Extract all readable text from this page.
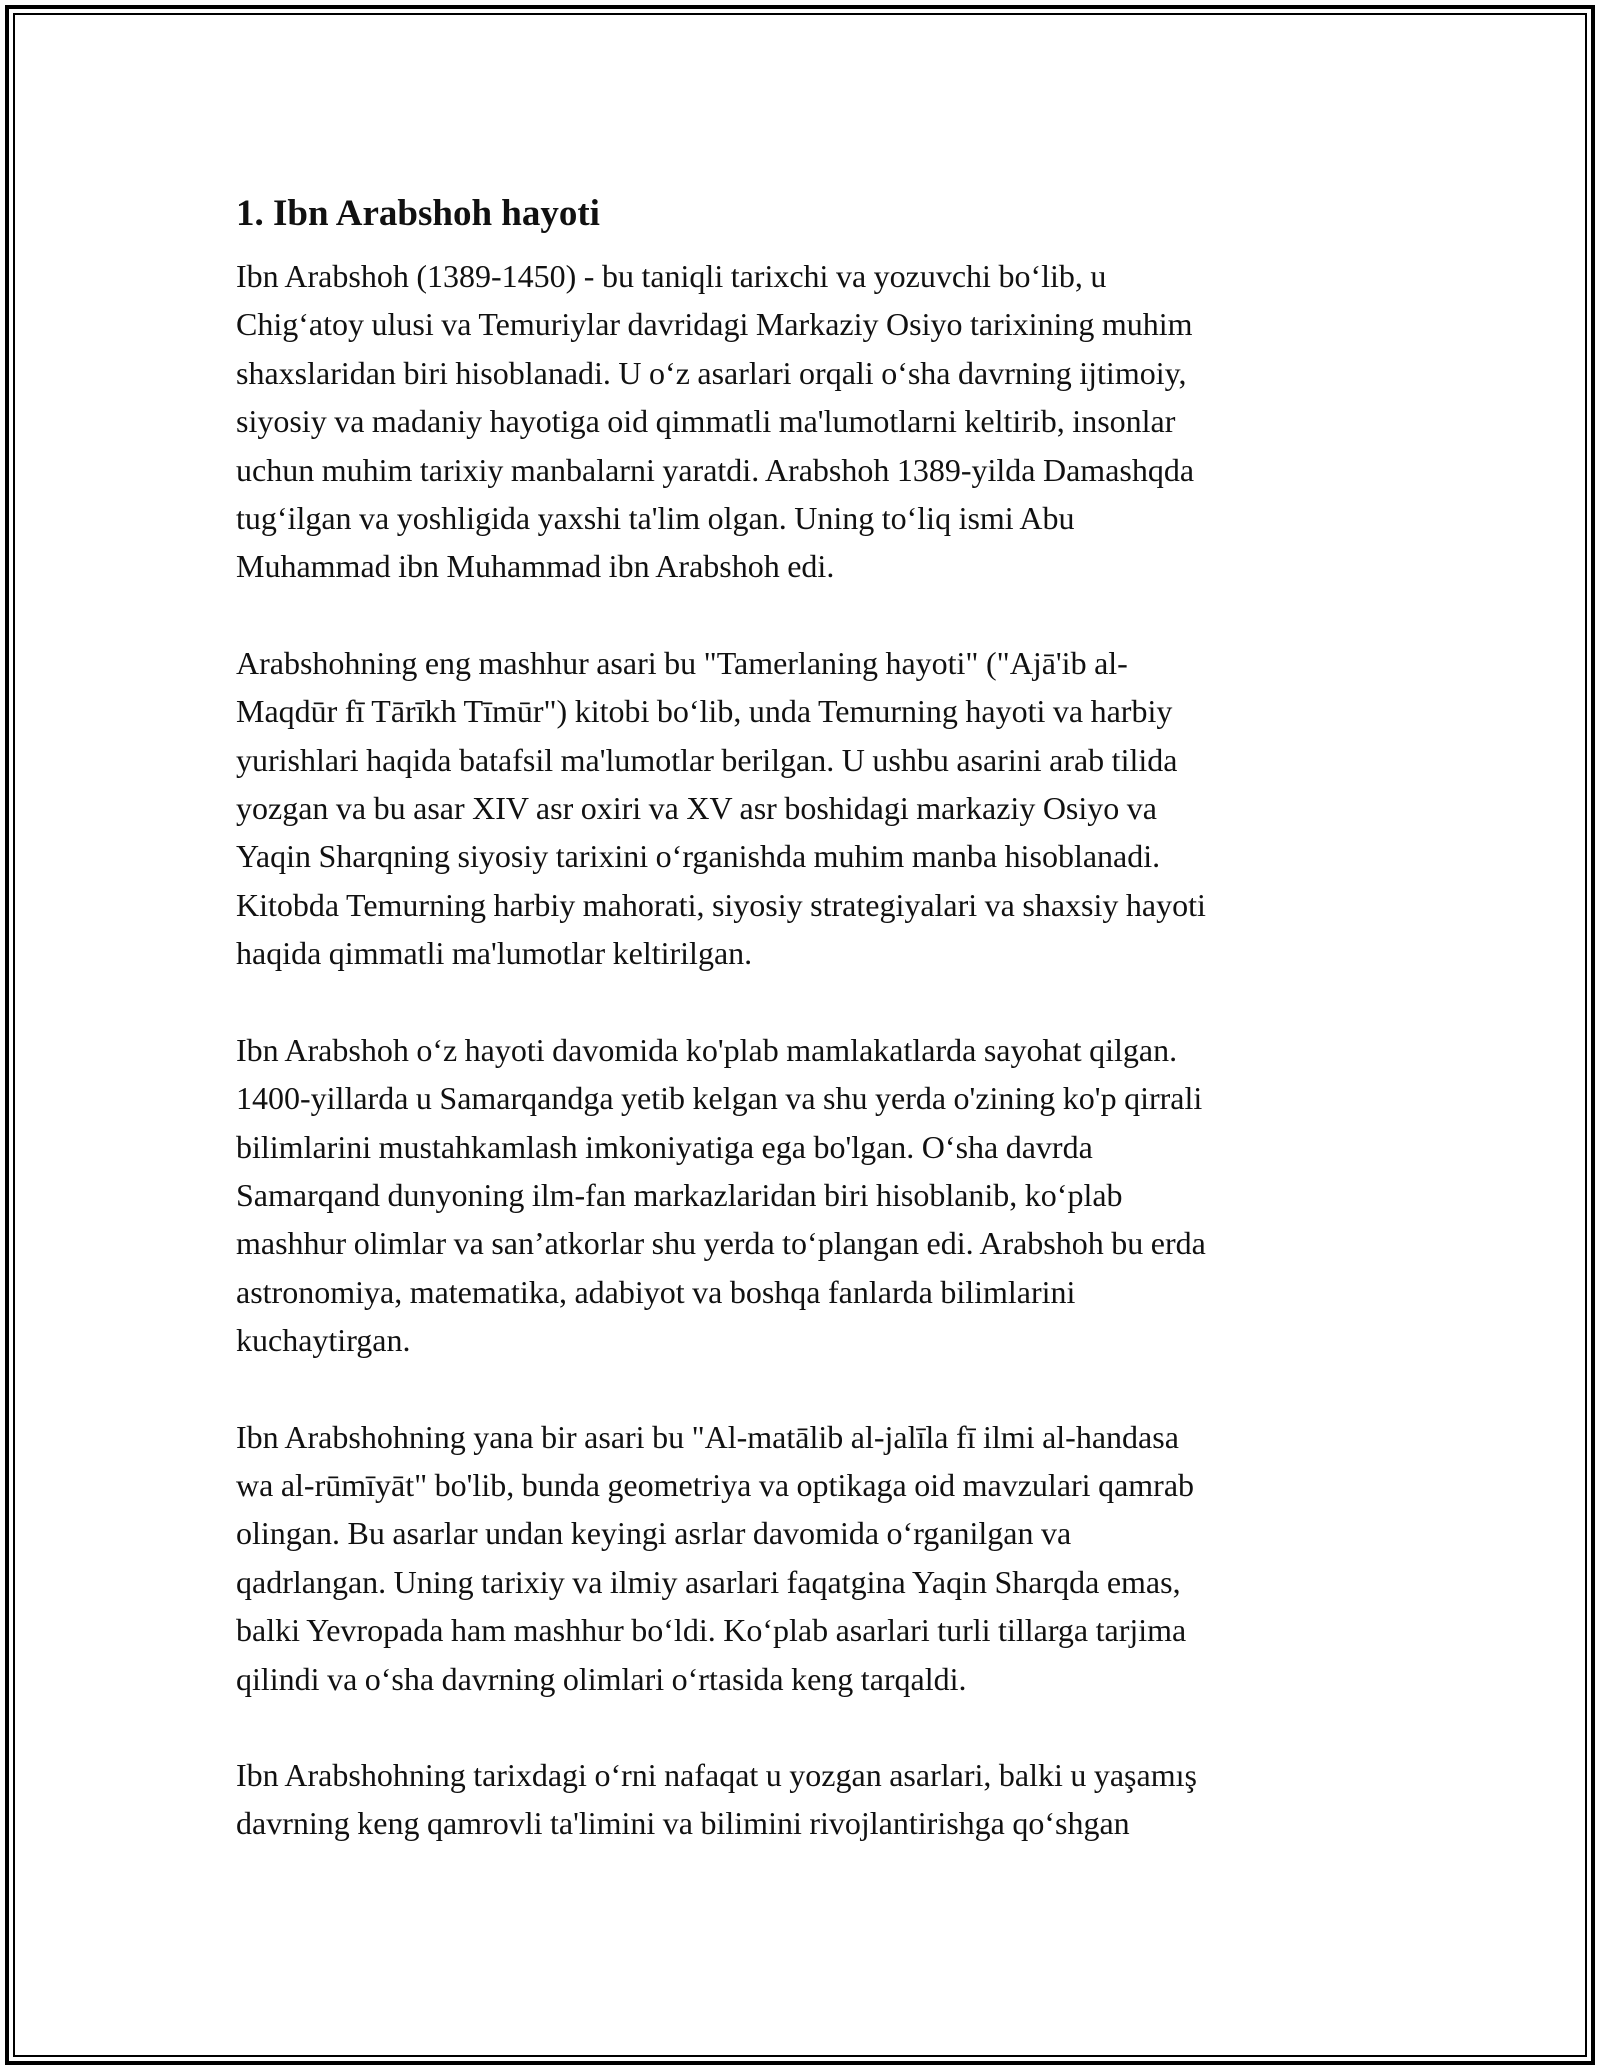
1. Ibn Arabshoh hayoti

Ibn Arabshoh (1389-1450) - bu taniqli tarixchi va yozuvchi bo‘lib, u
Chig‘atoy ulusi va Temuriylar davridagi Markaziy Osiyo tarixining muhim
shaxslaridan biri hisoblanadi. U o‘z asarlari orqali o‘sha davrning ijtimoiy,
siyosiy va madaniy hayotiga oid qimmatli ma'lumotlarni keltirib, insonlar
uchun muhim tarixiy manbalarni yaratdi. Arabshoh 1389-yilda Damashqda
tug‘ilgan va yoshligida yaxshi ta'lim olgan. Uning to‘liq ismi Abu
Muhammad ibn Muhammad ibn Arabshoh edi.

Arabshohning eng mashhur asari bu "Tamerlaning hayoti" ("Ajā'ib al-
Maqdūr fī Tārīkh Tīmūr") kitobi bo‘lib, unda Temurning hayoti va harbiy
yurishlari haqida batafsil ma'lumotlar berilgan. U ushbu asarini arab tilida
yozgan va bu asar XIV asr oxiri va XV asr boshidagi markaziy Osiyo va
Yaqin Sharqning siyosiy tarixini o‘rganishda muhim manba hisoblanadi.
Kitobda Temurning harbiy mahorati, siyosiy strategiyalari va shaxsiy hayoti
haqida qimmatli ma'lumotlar keltirilgan.

Ibn Arabshoh o‘z hayoti davomida ko'plab mamlakatlarda sayohat qilgan.
1400-yillarda u Samarqandga yetib kelgan va shu yerda o'zining ko'p qirrali
bilimlarini mustahkamlash imkoniyatiga ega bo'lgan. O‘sha davrda
Samarqand dunyoning ilm-fan markazlaridan biri hisoblanib, ko‘plab
mashhur olimlar va san’atkorlar shu yerda to‘plangan edi. Arabshoh bu erda
astronomiya, matematika, adabiyot va boshqa fanlarda bilimlarini
kuchaytirgan.

Ibn Arabshohning yana bir asari bu "Al-matālib al-jalīla fī ilmi al-handasa
wa al-rūmīyāt" bo'lib, bunda geometriya va optikaga oid mavzulari qamrab
olingan. Bu asarlar undan keyingi asrlar davomida o‘rganilgan va
qadrlangan. Uning tarixiy va ilmiy asarlari faqatgina Yaqin Sharqda emas,
balki Yevropada ham mashhur bo‘ldi. Ko‘plab asarlari turli tillarga tarjima
qilindi va o‘sha davrning olimlari o‘rtasida keng tarqaldi.

Ibn Arabshohning tarixdagi o‘rni nafaqat u yozgan asarlari, balki u yaşamış
davrning keng qamrovli ta'limini va bilimini rivojlantirishga qo‘shgan
